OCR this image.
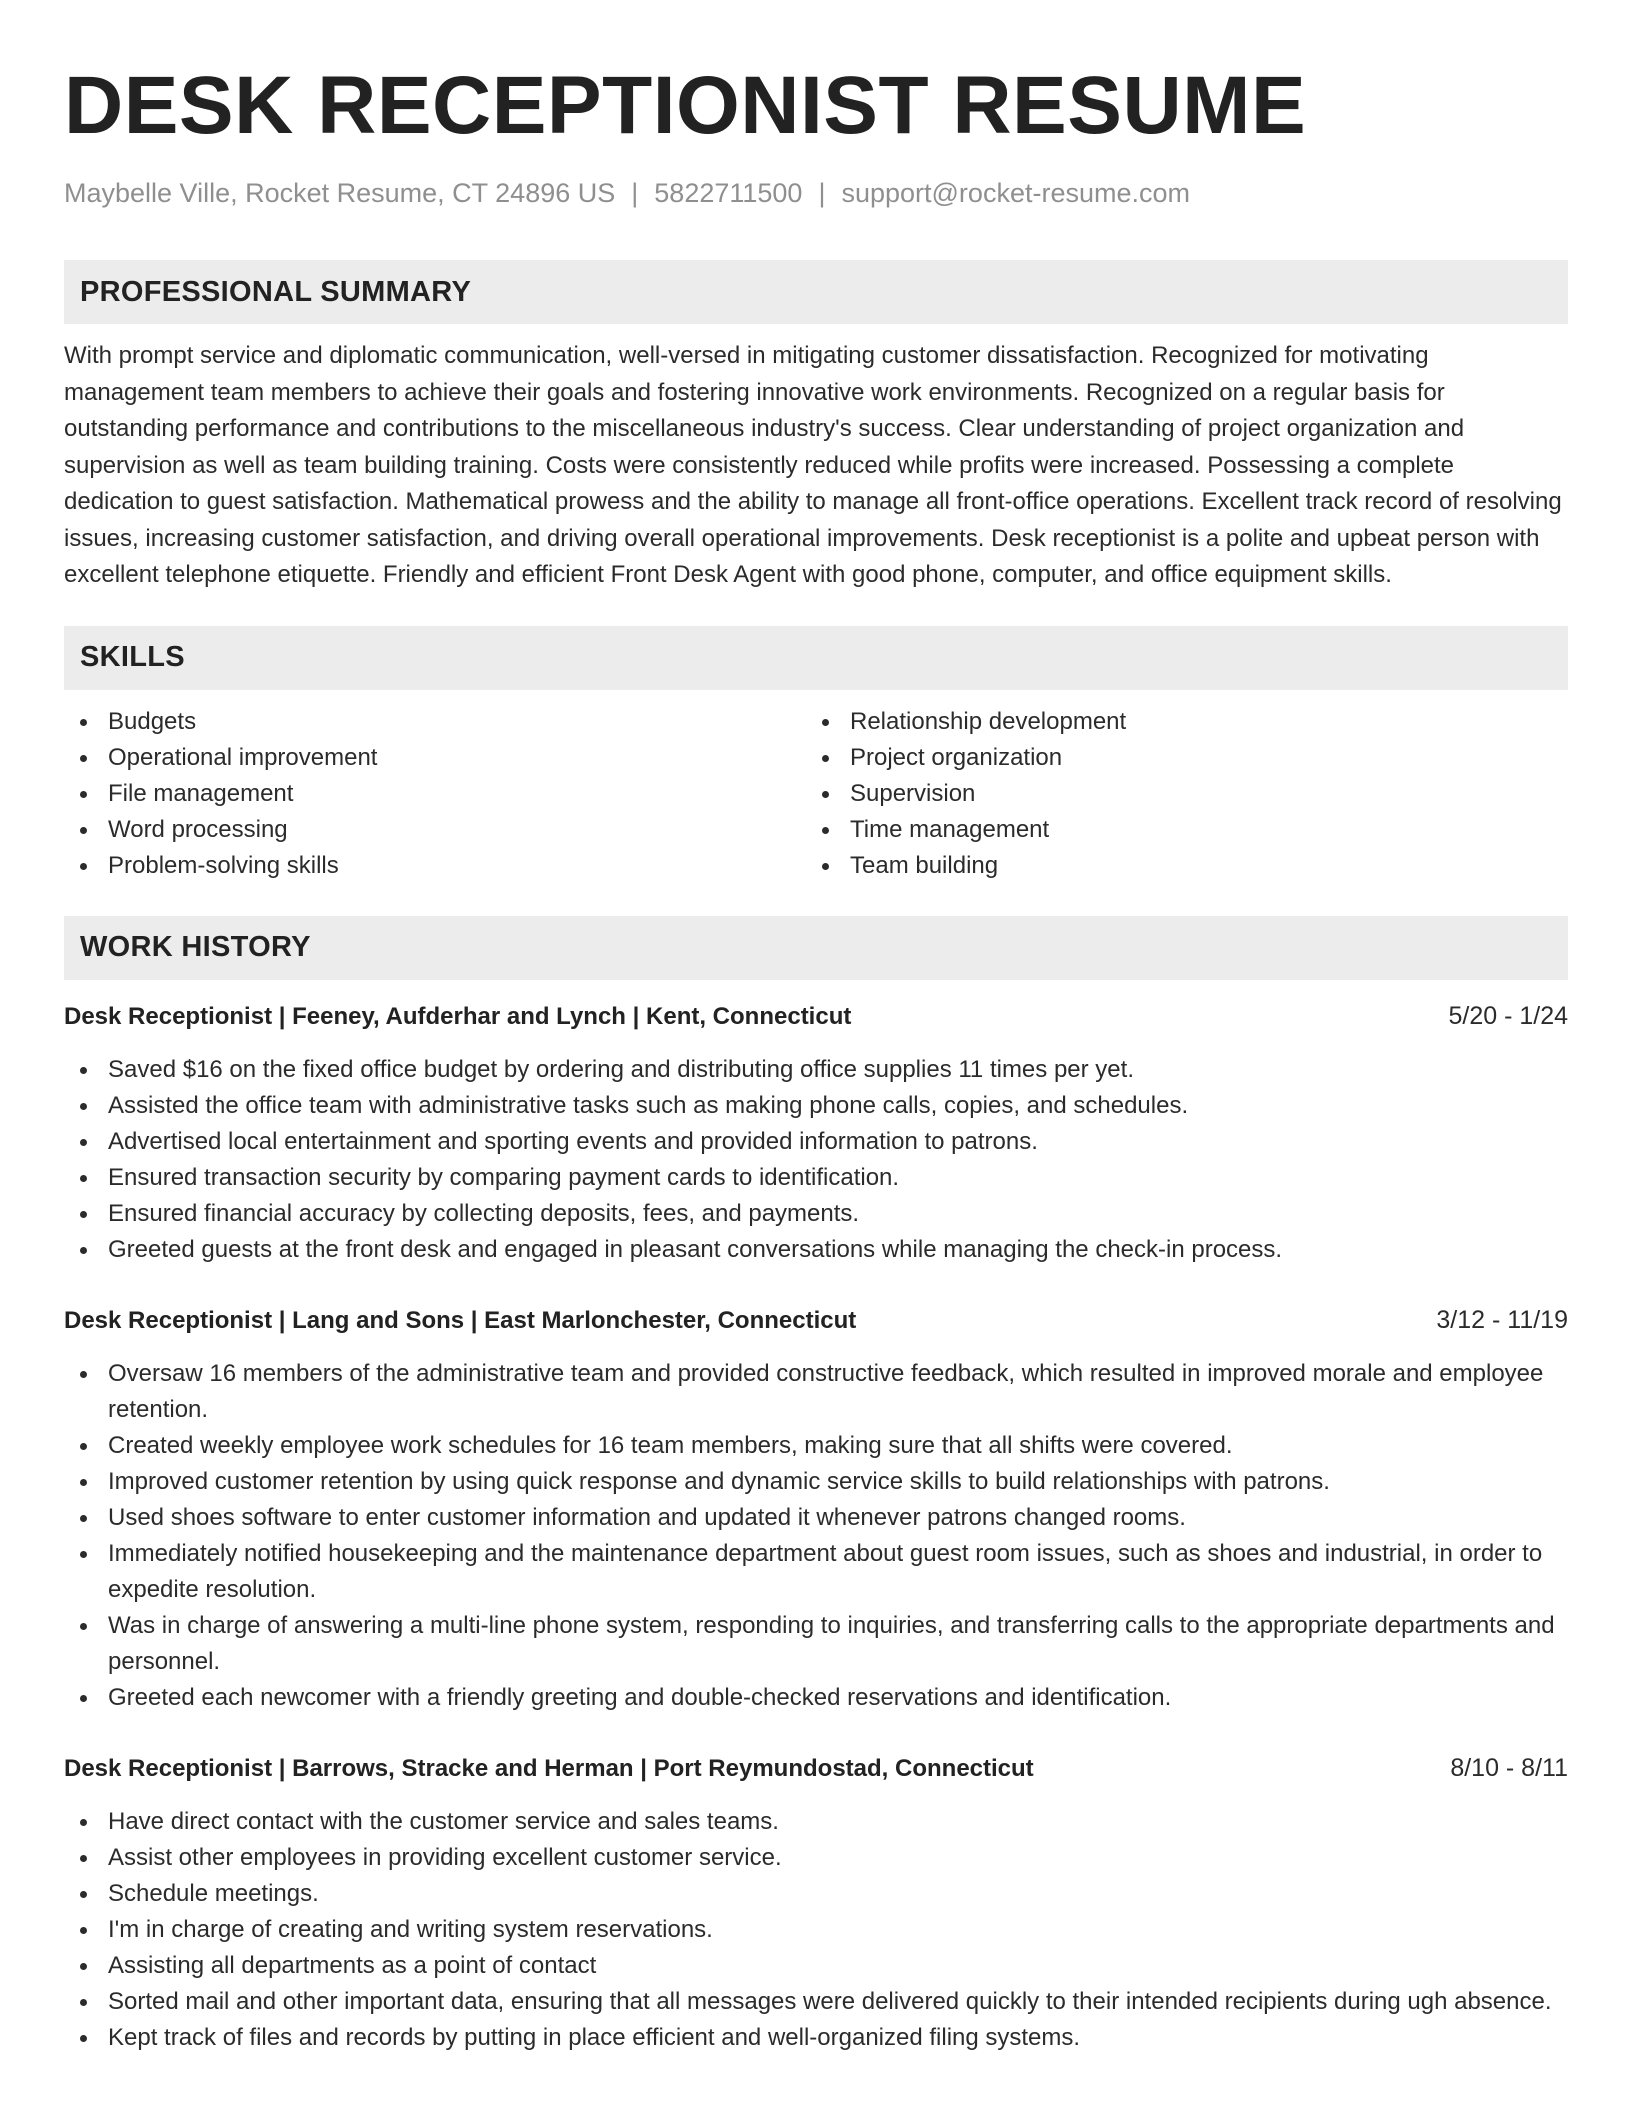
DESK RECEPTIONIST RESUME
Maybelle Ville, Rocket Resume, CT 24896 US | 5822711500 | support@rocket-resume.com
PROFESSIONAL SUMMARY

With prompt service and diplomatic communication, well-versed in mitigating customer dissatisfaction. Recognized for motivating management team members to achieve their goals and fostering innovative work environments. Recognized on a regular basis for outstanding performance and contributions to the miscellaneous industry's success. Clear understanding of project organization and supervision as well as team building training. Costs were consistently reduced while profits were increased. Possessing a complete dedication to guest satisfaction. Mathematical prowess and the ability to manage all front-office operations. Excellent track record of resolving issues, increasing customer satisfaction, and driving overall operational improvements. Desk receptionist is a polite and upbeat person with excellent telephone etiquette. Friendly and efficient Front Desk Agent with good phone, computer, and office equipment skills.

SKILLS
Budgets
Operational improvement
File management
Word processing
Problem-solving skills
Relationship development
Project organization
Supervision
Time management
Team building
WORK HISTORY
Desk Receptionist | Feeney, Aufderhar and Lynch | Kent, Connecticut	5/20 - 1/24
Saved $16 on the fixed office budget by ordering and distributing office supplies 11 times per yet.
Assisted the office team with administrative tasks such as making phone calls, copies, and schedules.
Advertised local entertainment and sporting events and provided information to patrons.
Ensured transaction security by comparing payment cards to identification.
Ensured financial accuracy by collecting deposits, fees, and payments.
Greeted guests at the front desk and engaged in pleasant conversations while managing the check-in process.
Desk Receptionist | Lang and Sons | East Marlonchester, Connecticut	3/12 - 11/19
Oversaw 16 members of the administrative team and provided constructive feedback, which resulted in improved morale and employee retention.
Created weekly employee work schedules for 16 team members, making sure that all shifts were covered.
Improved customer retention by using quick response and dynamic service skills to build relationships with patrons.
Used shoes software to enter customer information and updated it whenever patrons changed rooms.
Immediately notified housekeeping and the maintenance department about guest room issues, such as shoes and industrial, in order to expedite resolution.
Was in charge of answering a multi-line phone system, responding to inquiries, and transferring calls to the appropriate departments and personnel.
Greeted each newcomer with a friendly greeting and double-checked reservations and identification.
Desk Receptionist | Barrows, Stracke and Herman | Port Reymundostad, Connecticut	8/10 - 8/11
Have direct contact with the customer service and sales teams.
Assist other employees in providing excellent customer service.
Schedule meetings.
I'm in charge of creating and writing system reservations.
Assisting all departments as a point of contact
Sorted mail and other important data, ensuring that all messages were delivered quickly to their intended recipients during ugh absence.
Kept track of files and records by putting in place efficient and well-organized filing systems.
